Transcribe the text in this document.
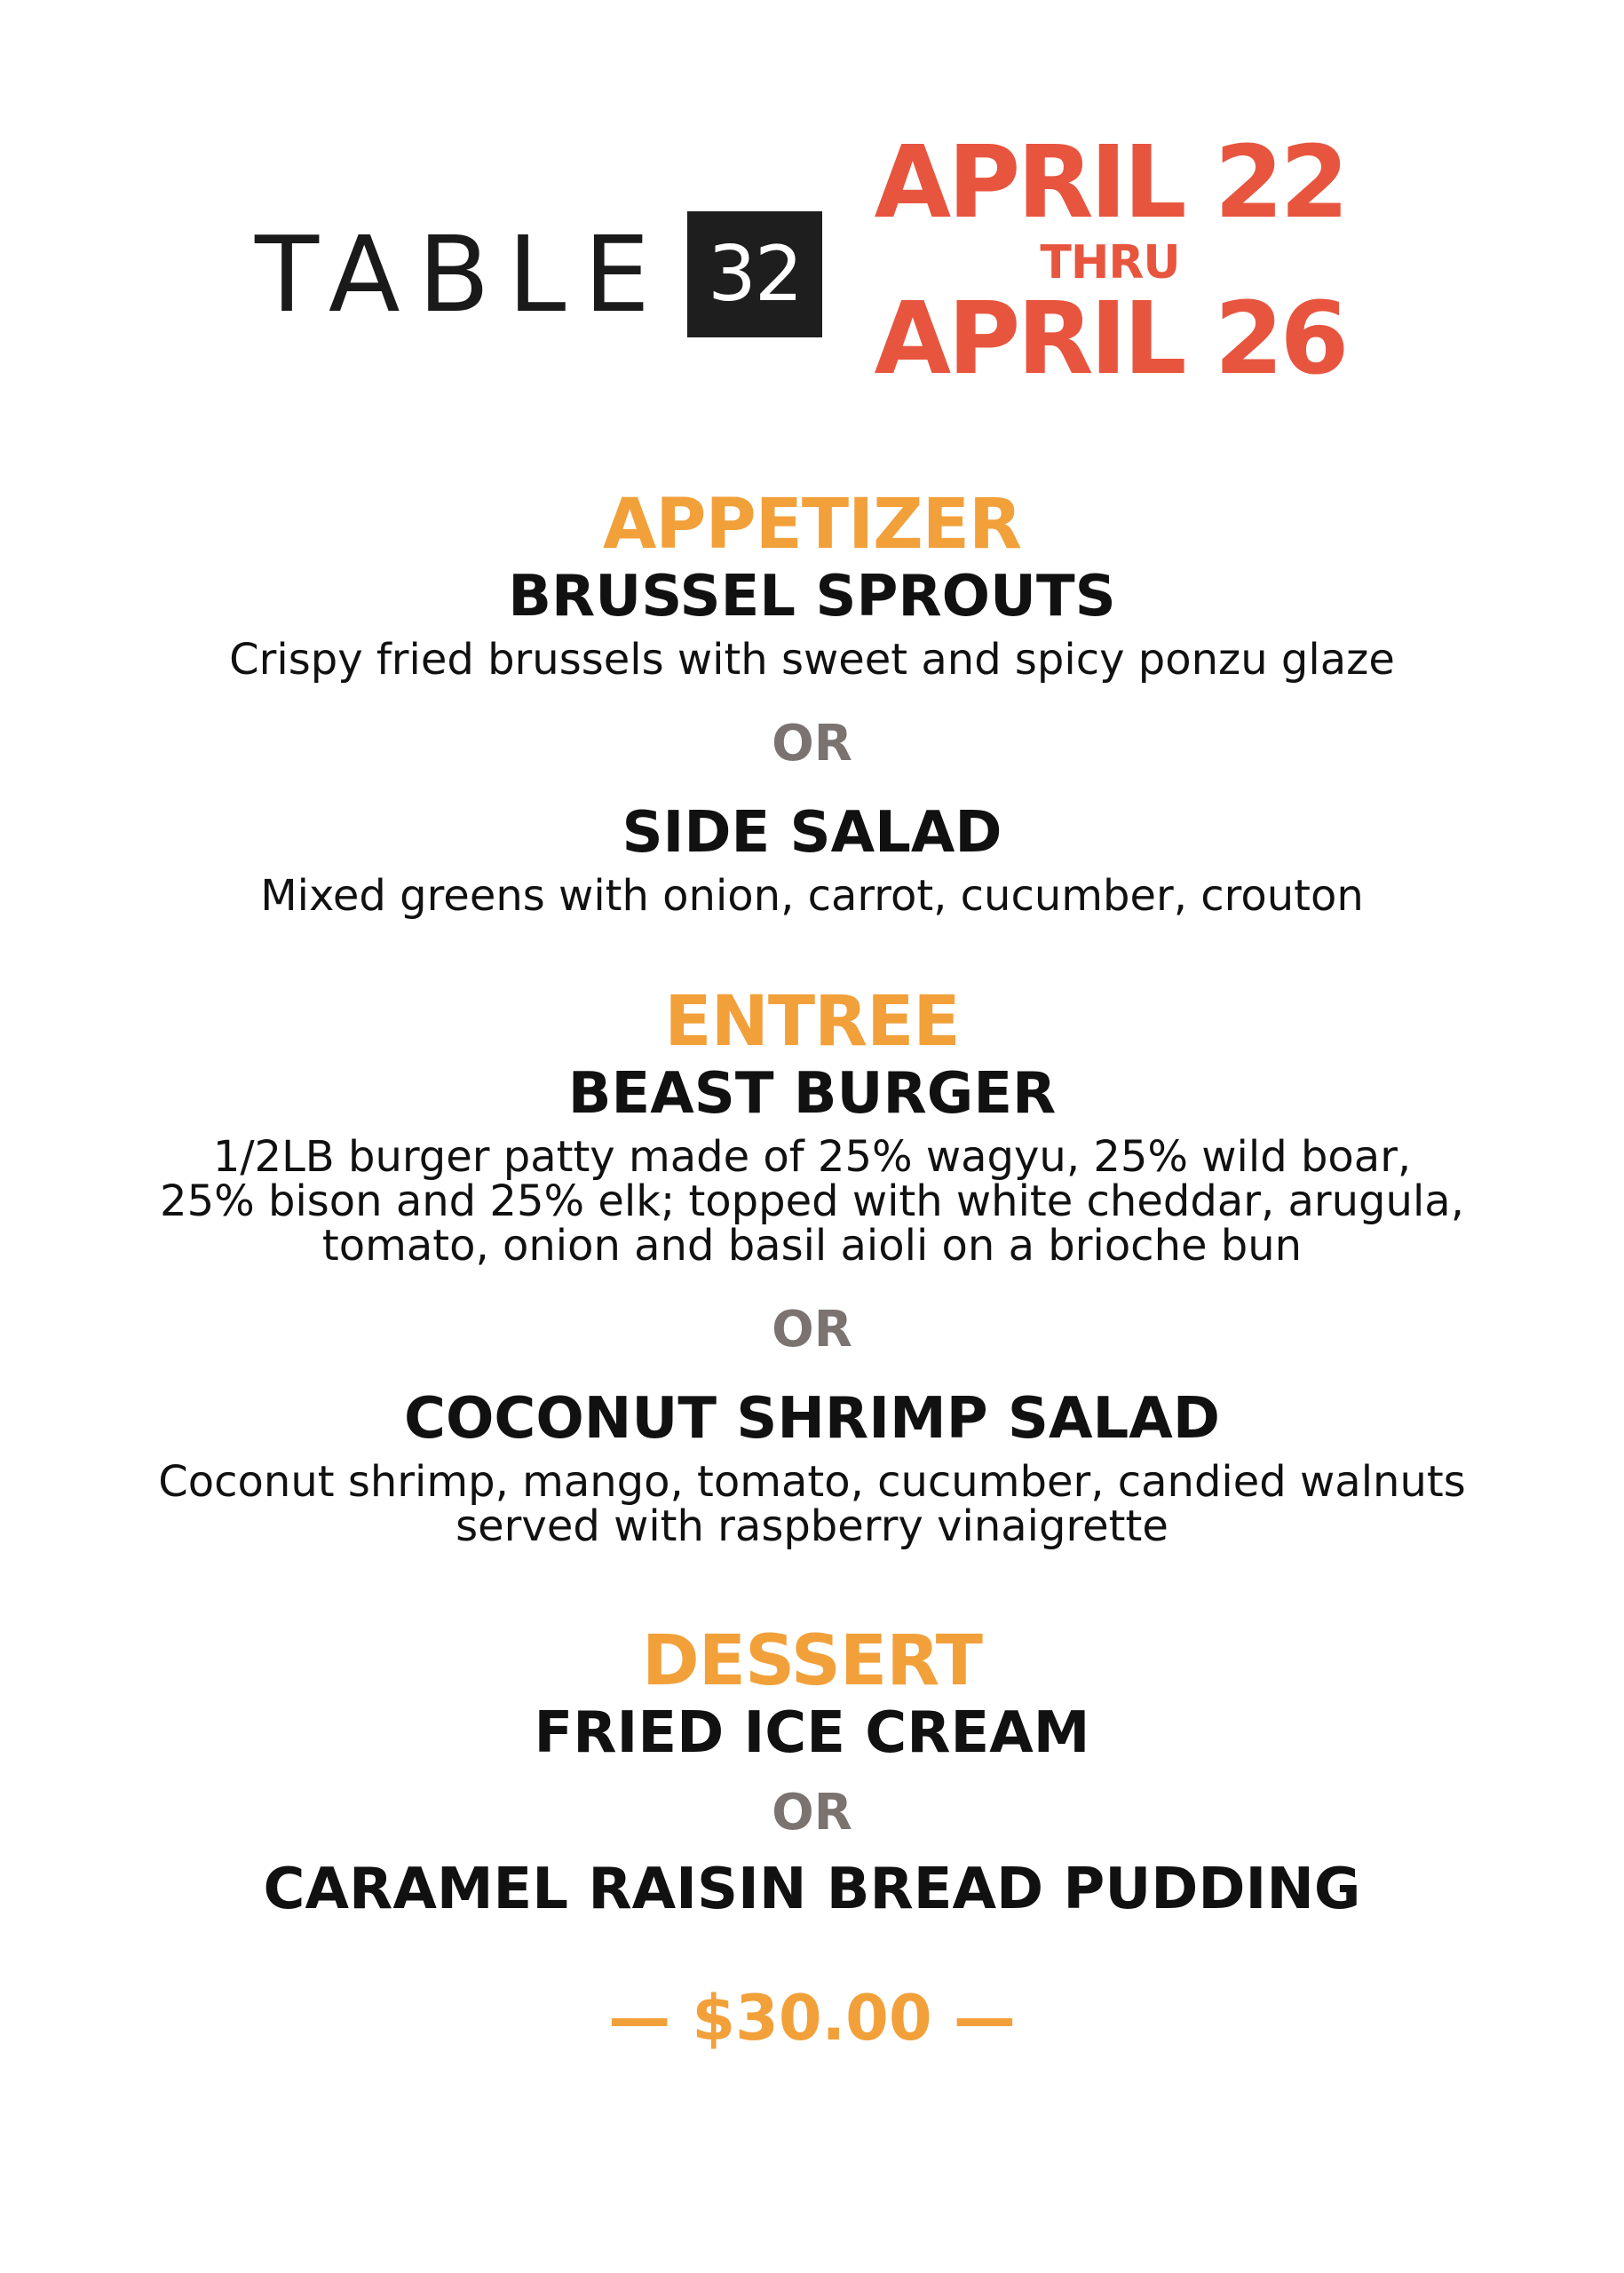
TABLE 32
APRIL 22
THRU
APRIL 26
APPETIZER
BRUSSEL SPROUTS
Crispy fried brussels with sweet and spicy ponzu glaze
OR
SIDE SALAD
Mixed greens with onion, carrot, cucumber, crouton
ENTREE
BEAST BURGER
1/2LB burger patty made of 25% wagyu, 25% wild boar,
25% bison and 25% elk; topped with white cheddar, arugula,
tomato, onion and basil aioli on a brioche bun
OR
COCONUT SHRIMP SALAD
Coconut shrimp, mango, tomato, cucumber, candied walnuts
served with raspberry vinaigrette
DESSERT
FRIED ICE CREAM
OR
CARAMEL RAISIN BREAD PUDDING
— $30.00 —
